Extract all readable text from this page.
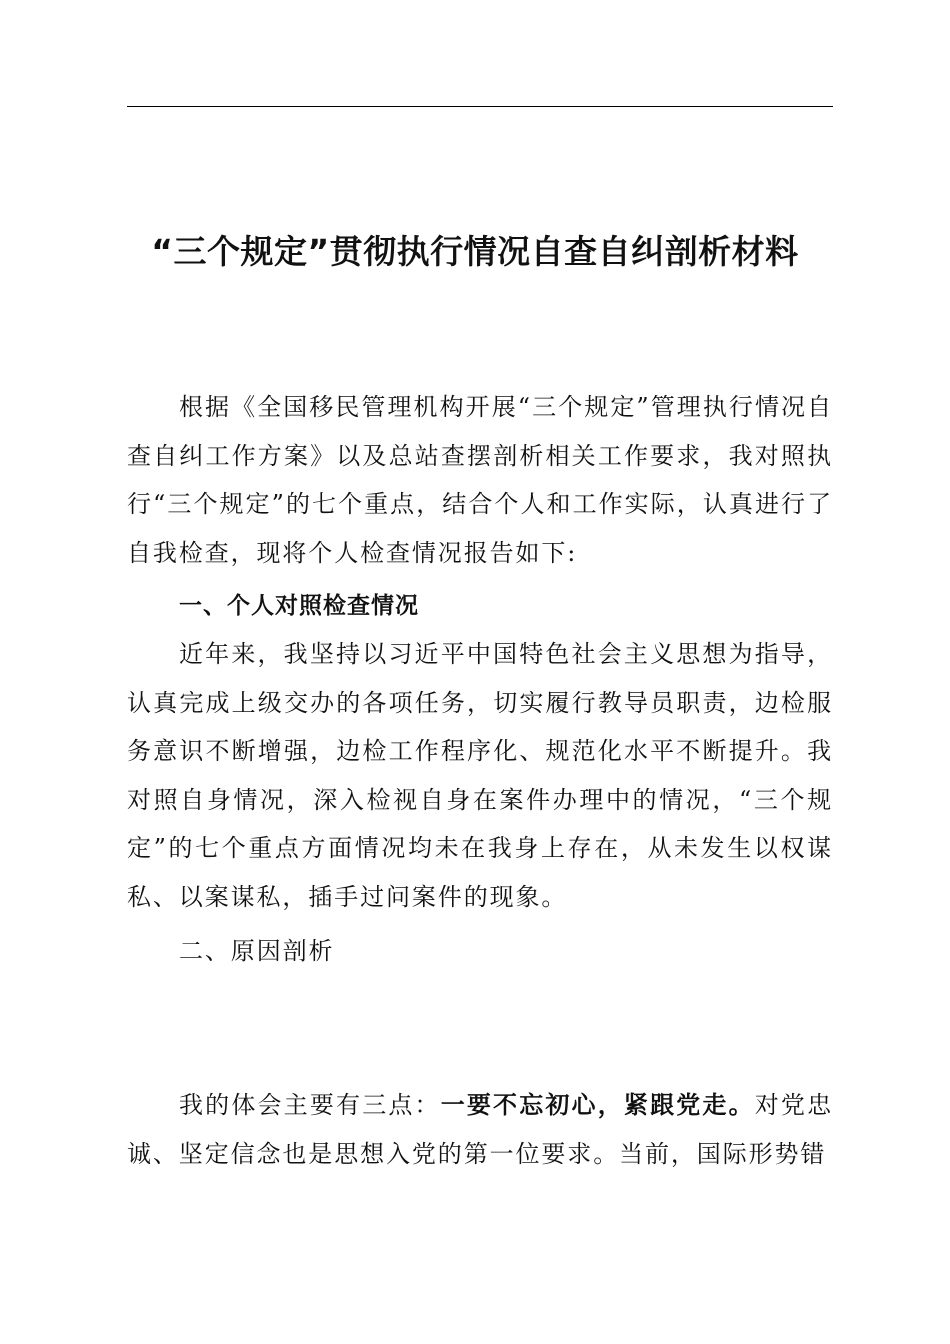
“三个规定”贯彻执行情况自查自纠剖析材料

根据《全国移民管理机构开展“三个规定”管理执行情况自查自纠工作方案》以及总站查摆剖析相关工作要求，我对照执行“三个规定”的七个重点，结合个人和工作实际，认真进行了自我检查，现将个人检查情况报告如下:

一、个人对照检查情况

近年来，我坚持以习近平中国特色社会主义思想为指导，认真完成上级交办的各项任务，切实履行教导员职责，边检服务意识不断增强，边检工作程序化、规范化水平不断提升。我对照自身情况，深入检视自身在案件办理中的情况，“三个规定”的七个重点方面情况均未在我身上存在，从未发生以权谋私、以案谋私，插手过问案件的现象。

二、原因剖析

我的体会主要有三点：一要不忘初心，紧跟党走。对党忠诚、坚定信念也是思想入党的第一位要求。当前，国际形势错
